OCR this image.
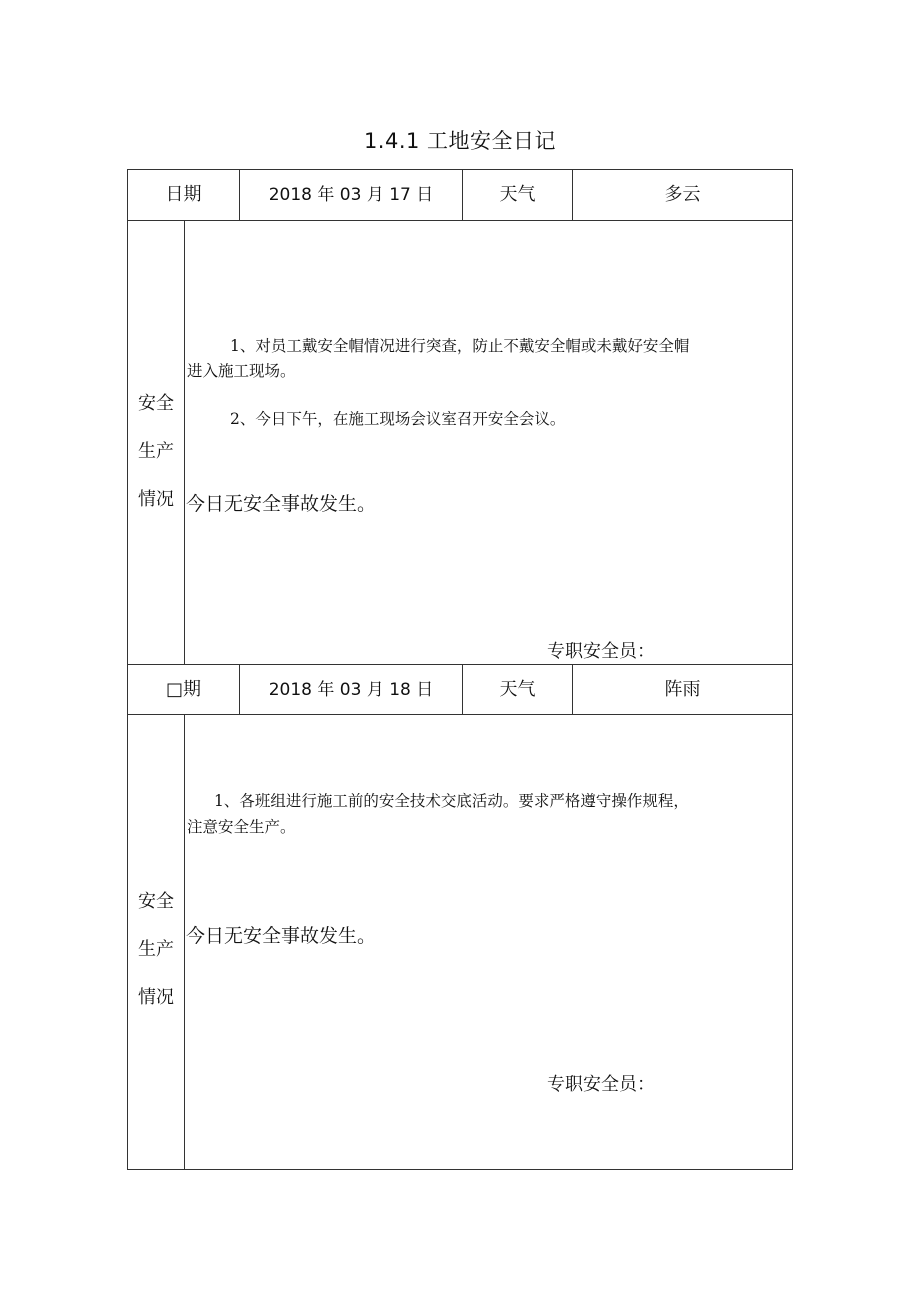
1.4.1 工地安全日记
日期	2018 年 03 月 17 日	天气	多云
安全
生产
情况
1、对员工戴安全帽情况进行突查，防止不戴安全帽或未戴好安全帽
进入施工现场。
2、今日下午，在施工现场会议室召开安全会议。
今日无安全事故发生。
专职安全员：
□期	2018 年 03 月 18 日	天气	阵雨
安全
生产
情况
1、各班组进行施工前的安全技术交底活动。要求严格遵守操作规程，
注意安全生产。
今日无安全事故发生。
专职安全员：
